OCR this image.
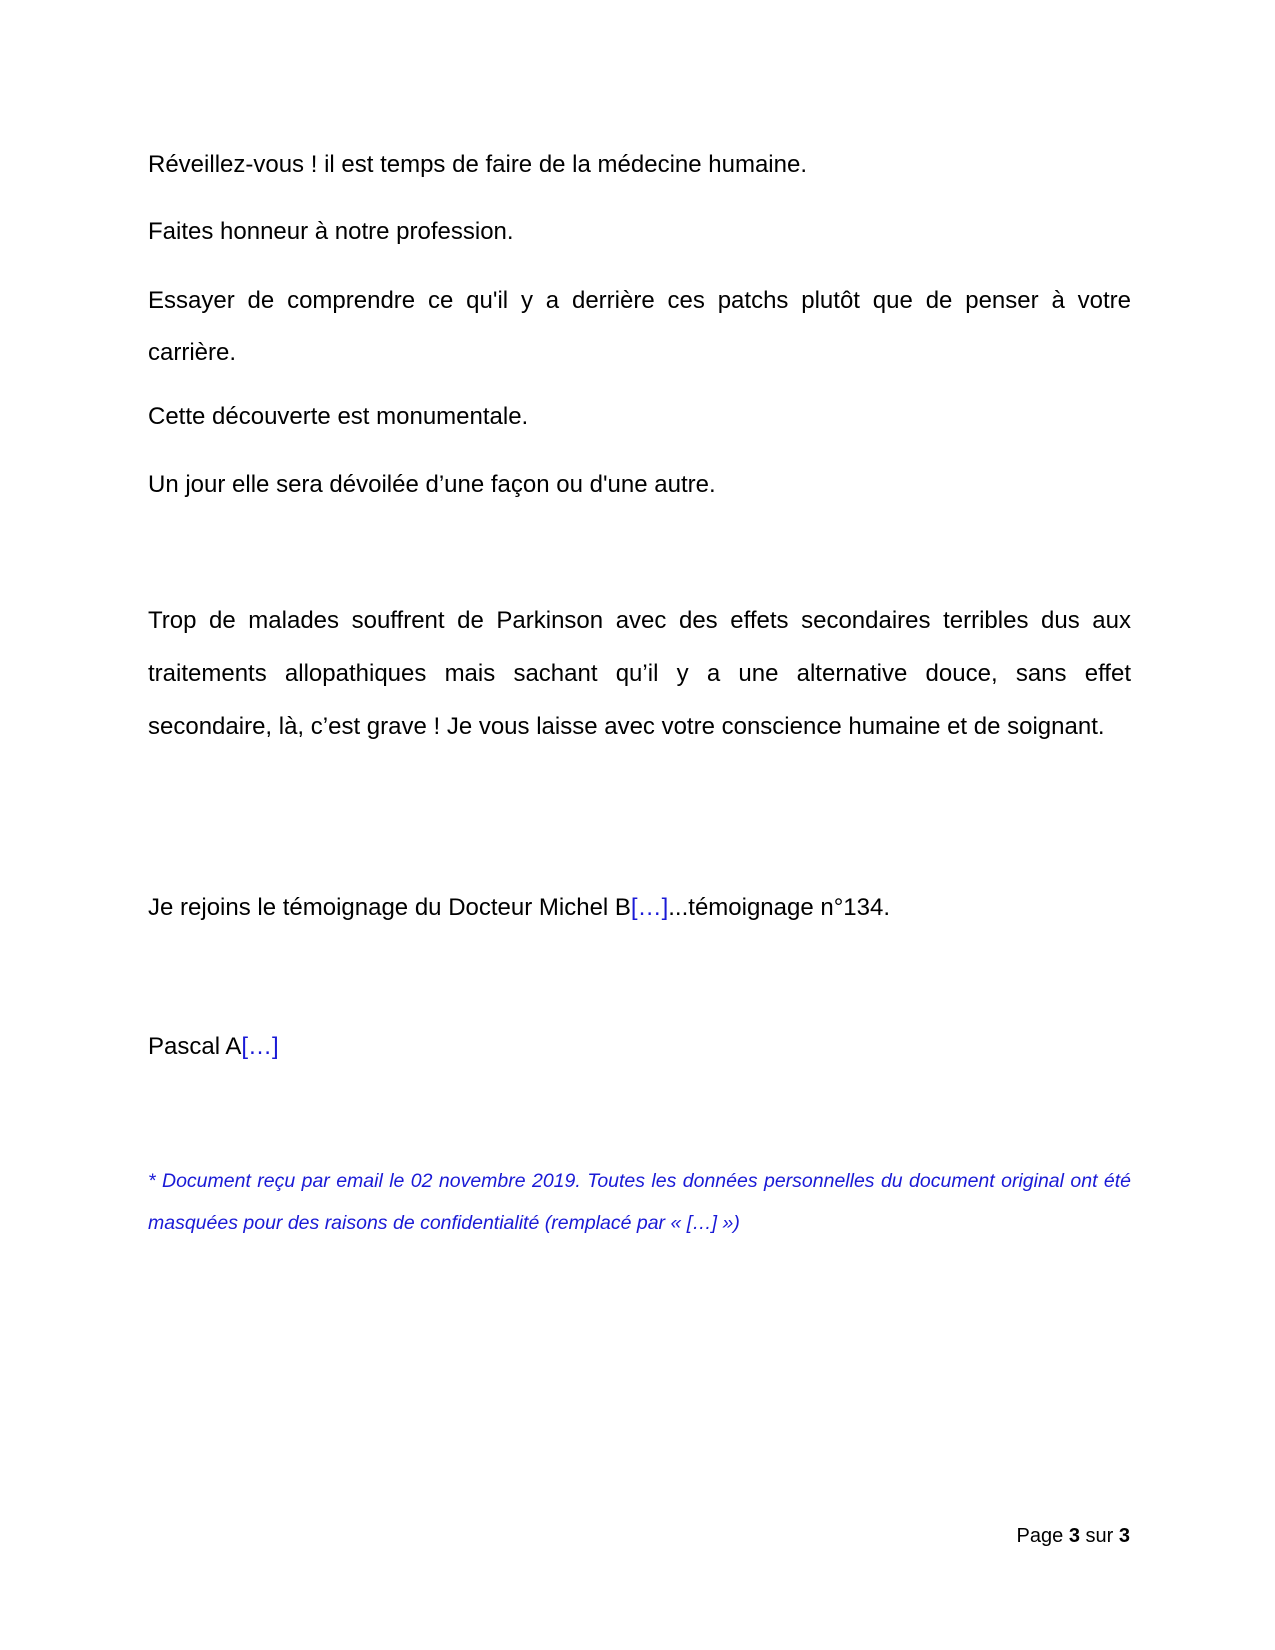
Réveillez-vous ! il est temps de faire de la médecine humaine.

Faites honneur à notre profession.

Essayer de comprendre ce qu'il y a derrière ces patchs plutôt que de penser à votre carrière.

Cette découverte est monumentale.

Un jour elle sera dévoilée d’une façon ou d'une autre.

Trop de malades souffrent de Parkinson avec des effets secondaires terribles dus aux traitements allopathiques mais sachant qu’il y a une alternative douce, sans effet secondaire, là, c’est grave ! Je vous laisse avec votre conscience humaine et de soignant.

Je rejoins le témoignage du Docteur Michel B[…]...témoignage n°134.

Pascal A[…]

* Document reçu par email le 02 novembre 2019. Toutes les données personnelles du document original ont été masquées pour des raisons de confidentialité (remplacé par « […] »)

Page 3 sur 3
